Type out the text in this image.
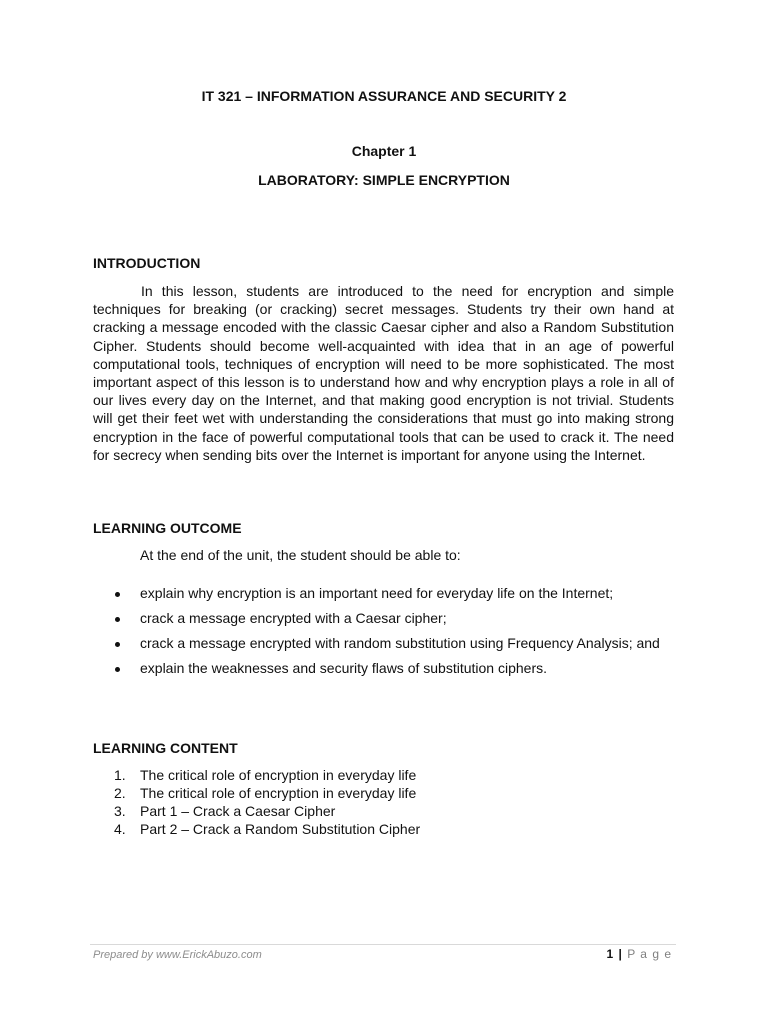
IT 321 – INFORMATION ASSURANCE AND SECURITY 2
Chapter 1
LABORATORY: SIMPLE ENCRYPTION
INTRODUCTION

In this lesson, students are introduced to the need for encryption and simple techniques for breaking (or cracking) secret messages. Students try their own hand at cracking a message encoded with the classic Caesar cipher and also a Random Substitution Cipher. Students should become well-acquainted with idea that in an age of powerful computational tools, techniques of encryption will need to be more sophisticated. The most important aspect of this lesson is to understand how and why encryption plays a role in all of our lives every day on the Internet, and that making good encryption is not trivial. Students will get their feet wet with understanding the considerations that must go into making strong encryption in the face of powerful computational tools that can be used to crack it. The need for secrecy when sending bits over the Internet is important for anyone using the Internet.

LEARNING OUTCOME
At the end of the unit, the student should be able to:
explain why encryption is an important need for everyday life on the Internet;
crack a message encrypted with a Caesar cipher;
crack a message encrypted with random substitution using Frequency Analysis; and
explain the weaknesses and security flaws of substitution ciphers.
LEARNING CONTENT
1. The critical role of encryption in everyday life
2. The critical role of encryption in everyday life
3. Part 1 – Crack a Caesar Cipher
4. Part 2 – Crack a Random Substitution Cipher
Prepared by www.ErickAbuzo.com	1 | P a g e
